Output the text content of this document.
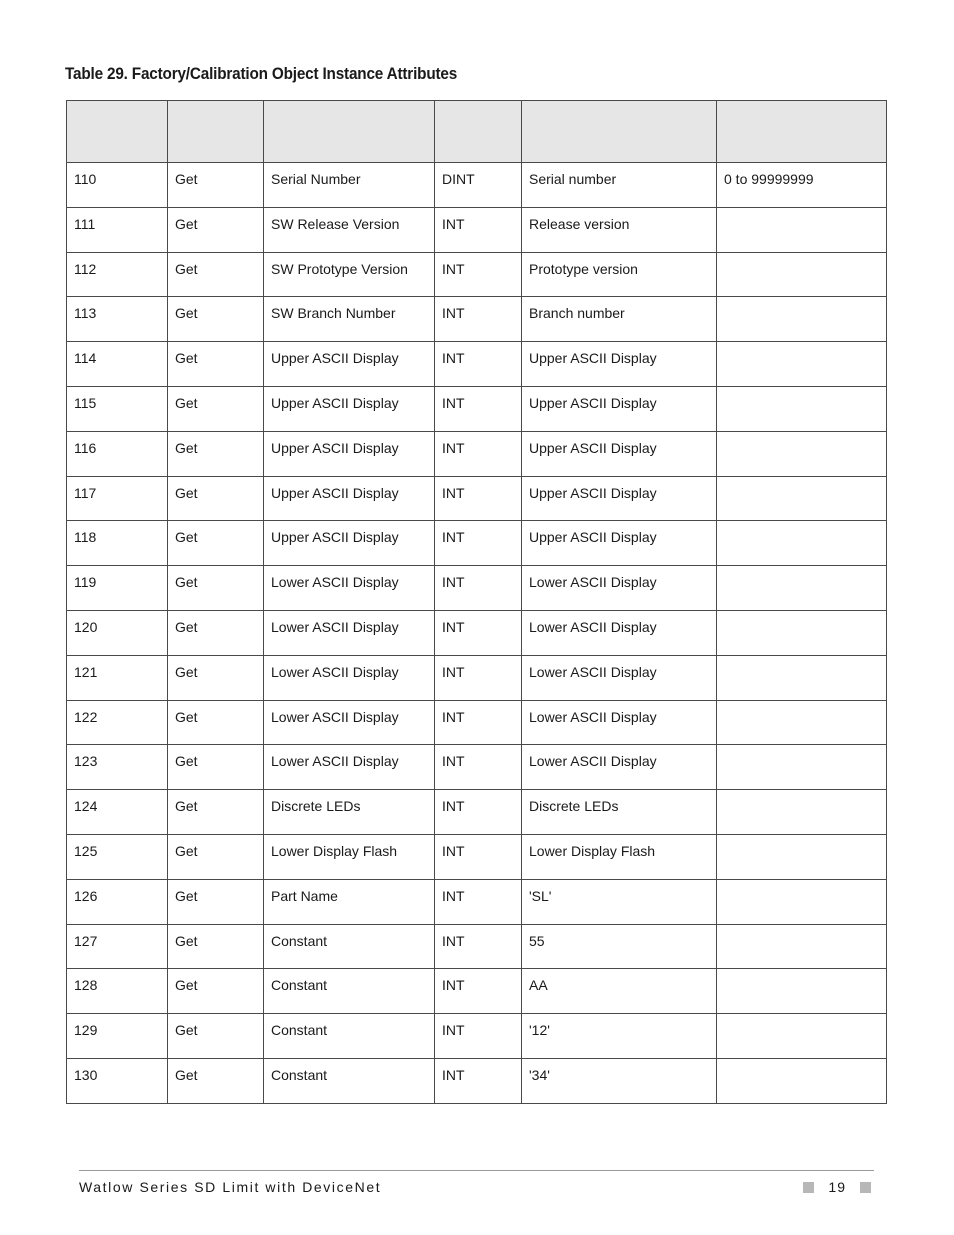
Table 29. Factory/Calibration Object Instance Attributes

110	Get	Serial Number	DINT	Serial number	0 to 99999999
111	Get	SW Release Version	INT	Release version	
112	Get	SW Prototype Version	INT	Prototype version	
113	Get	SW Branch Number	INT	Branch number	
114	Get	Upper ASCII Display	INT	Upper ASCII Display	
115	Get	Upper ASCII Display	INT	Upper ASCII Display	
116	Get	Upper ASCII Display	INT	Upper ASCII Display	
117	Get	Upper ASCII Display	INT	Upper ASCII Display	
118	Get	Upper ASCII Display	INT	Upper ASCII Display	
119	Get	Lower ASCII Display	INT	Lower ASCII Display	
120	Get	Lower ASCII Display	INT	Lower ASCII Display	
121	Get	Lower ASCII Display	INT	Lower ASCII Display	
122	Get	Lower ASCII Display	INT	Lower ASCII Display	
123	Get	Lower ASCII Display	INT	Lower ASCII Display	
124	Get	Discrete LEDs	INT	Discrete LEDs	
125	Get	Lower Display Flash	INT	Lower Display Flash	
126	Get	Part Name	INT	'SL'	
127	Get	Constant	INT	55	
128	Get	Constant	INT	AA	
129	Get	Constant	INT	'12'	
130	Get	Constant	INT	'34'	
Watlow Series SD Limit with DeviceNet	19
